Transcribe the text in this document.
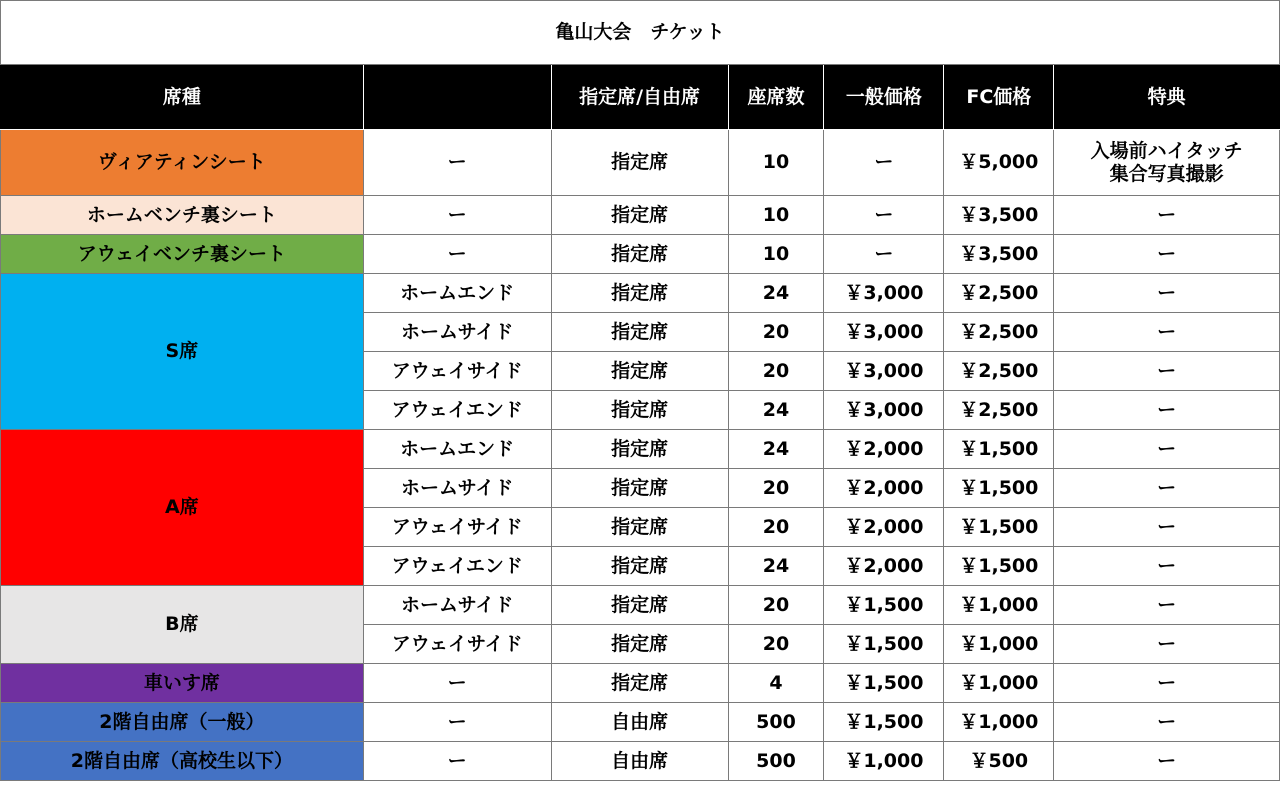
亀山大会　チケット						
席種		指定席/自由席	座席数	一般価格	FC価格	特典
ヴィアティンシート	ー	指定席	10	ー	￥5,000	入場前ハイタッチ
集合写真撮影

ホームベンチ裏シート	ー	指定席	10	ー	￥3,500	ー

アウェイベンチ裏シート	ー	指定席	10	ー	￥3,500	ー

S席	ホームエンド	指定席	24	￥3,000	￥2,500	ー

	ホームサイド	指定席	20	￥3,000	￥2,500	ー

	アウェイサイド	指定席	20	￥3,000	￥2,500	ー

	アウェイエンド	指定席	24	￥3,000	￥2,500	ー

A席	ホームエンド	指定席	24	￥2,000	￥1,500	ー

	ホームサイド	指定席	20	￥2,000	￥1,500	ー

	アウェイサイド	指定席	20	￥2,000	￥1,500	ー

	アウェイエンド	指定席	24	￥2,000	￥1,500	ー

B席	ホームサイド	指定席	20	￥1,500	￥1,000	ー

	アウェイサイド	指定席	20	￥1,500	￥1,000	ー

車いす席	ー	指定席	4	￥1,500	￥1,000	ー

2階自由席（一般）	ー	自由席	500	￥1,500	￥1,000	ー

2階自由席（高校生以下）	ー	自由席	500	￥1,000	￥500	ー
